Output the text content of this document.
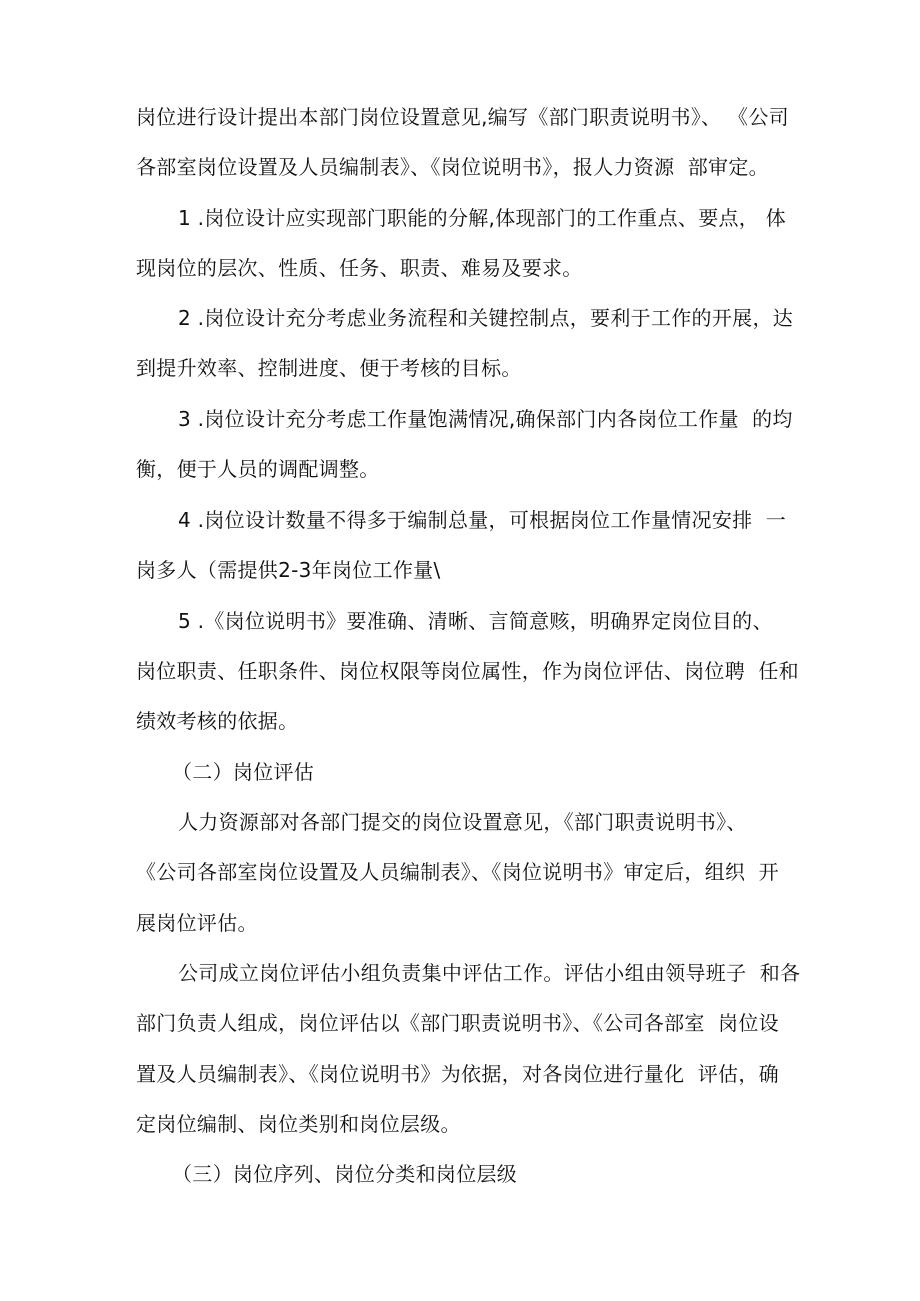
岗位进行设计提出本部门岗位设置意见,编写《部门职责说明书》、 《公司
各部室岗位设置及人员编制表》、《岗位说明书》，报人力资源  部审定。
1 .岗位设计应实现部门职能的分解,体现部门的工作重点、要点， 体
现岗位的层次、性质、任务、职责、难易及要求。
2 .岗位设计充分考虑业务流程和关键控制点，要利于工作的开展，达
到提升效率、控制进度、便于考核的目标。
3 .岗位设计充分考虑工作量饱满情况,确保部门内各岗位工作量  的均
衡，便于人员的调配调整。
4 .岗位设计数量不得多于编制总量，可根据岗位工作量情况安排  一
岗多人（需提供2-3年岗位工作量\
5 .《岗位说明书》要准确、清晰、言简意赅，明确界定岗位目的、
岗位职责、任职条件、岗位权限等岗位属性，作为岗位评估、岗位聘  任和
绩效考核的依据。
（二）岗位评估
人力资源部对各部门提交的岗位设置意见，《部门职责说明书》、
《公司各部室岗位设置及人员编制表》、《岗位说明书》审定后，组织  开
展岗位评估。
公司成立岗位评估小组负责集中评估工作。评估小组由领导班子  和各
部门负责人组成，岗位评估以《部门职责说明书》、《公司各部室  岗位设
置及人员编制表》、《岗位说明书》为依据，对各岗位进行量化  评估，确
定岗位编制、岗位类别和岗位层级。
（三）岗位序列、岗位分类和岗位层级
